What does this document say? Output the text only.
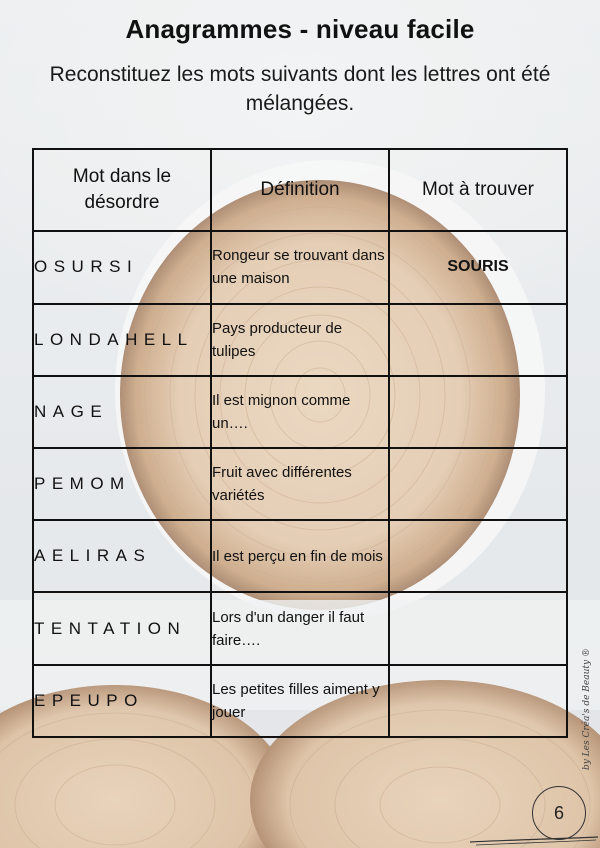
Anagrammes - niveau facile
Reconstituez les mots suivants dont les lettres ont été mélangées.
Mot dans le désordre	Définition	Mot à trouver
OSURSI	Rongeur se trouvant dans une maison	SOURIS
LONDAHELL	Pays producteur de tulipes	
NAGE	Il est mignon comme un….	
PEMOM	Fruit avec différentes variétés	
AELIRAS	Il est perçu en fin de mois	
TENTATION	Lors d'un danger il faut faire….	
EPEUPO	Les petites filles aiment y jouer	
6
by Les Créa's de Beauty ®
